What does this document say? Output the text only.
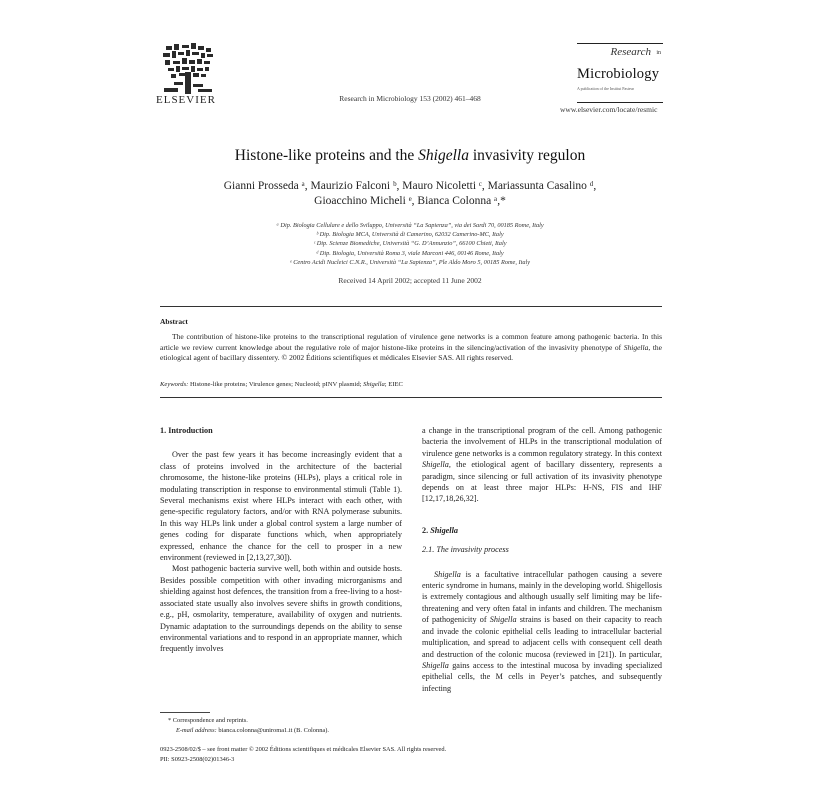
ELSEVIER	Research in Microbiology 153 (2002) 461–468
Research in
Microbiology
A publication of the Institut Pasteur
www.elsevier.com/locate/resmic
Histone-like proteins and the Shigella invasivity regulon
Gianni Prosseda ᵃ, Maurizio Falconi ᵇ, Mauro Nicoletti ᶜ, Mariassunta Casalino ᵈ,
Gioacchino Micheli ᵉ, Bianca Colonna ᵃ,*
ᵃ Dip. Biologia Cellulare e dello Sviluppo, Università “La Sapienza”, via dei Sardi 70, 00185 Rome, Italy
ᵇ Dip. Biologia MCA, Università di Camerino, 62032 Camerino-MC, Italy
ᶜ Dip. Scienze Biomediche, Università “G. D’Annunzio”, 66100 Chieti, Italy
ᵈ Dip. Biologia, Università Roma 3, viale Marconi 446, 00146 Rome, Italy
ᵉ Centro Acidi Nucleici C.N.R., Università “La Sapienza”, Ple Aldo Moro 5, 00185 Rome, Italy
Received 14 April 2002; accepted 11 June 2002
Abstract
The contribution of histone-like proteins to the transcriptional regulation of virulence gene networks is a common feature among pathogenic bacteria. In this article we review current knowledge about the regulative role of major histone-like proteins in the silencing/activation of the invasivity phenotype of Shigella, the etiological agent of bacillary dissentery. © 2002 Éditions scientifiques et médicales Elsevier SAS. All rights reserved.
Keywords: Histone-like proteins; Virulence genes; Nucleoid; pINV plasmid; Shigella; EIEC
1. Introduction

Over the past few years it has become increasingly evident that a class of proteins involved in the architecture of the bacterial chromosome, the histone-like proteins (HLPs), plays a critical role in modulating transcription in response to environmental stimuli (Table 1). Several mechanisms exist where HLPs interact with each other, with gene-specific regulatory factors, and/or with RNA polymerase subunits. In this way HLPs link under a global control system a large number of genes coding for disparate functions which, when appropriately expressed, enhance the chance for the cell to prosper in a new environment (reviewed in [2,13,27,30]).

Most pathogenic bacteria survive well, both within and outside hosts. Besides possible competition with other invading microrganisms and shielding against host defences, the transition from a free-living to a host-associated state usually also involves severe shifts in growth conditions, e.g., pH, osmolarity, temperature, availability of oxygen and nutrients. Dynamic adaptation to the surroundings depends on the ability to sense environmental variations and to respond in an appropriate manner, which frequently involves

a change in the transcriptional program of the cell. Among pathogenic bacteria the involvement of HLPs in the transcriptional modulation of virulence gene networks is a common regulatory strategy. In this context Shigella, the etiological agent of bacillary dissentery, represents a paradigm, since silencing or full activation of its invasivity phenotype depends on at least three major HLPs: H-NS, FIS and IHF [12,17,18,26,32].

2. Shigella
2.1. The invasivity process

Shigella is a facultative intracellular pathogen causing a severe enteric syndrome in humans, mainly in the developing world. Shigellosis is extremely contagious and although usually self limiting may be life-threatening and very often fatal in infants and children. The mechanism of pathogenicity of Shigella strains is based on their capacity to reach and invade the colonic epithelial cells leading to intracellular bacterial multiplication, and spread to adjacent cells with consequent cell death and destruction of the colonic mucosa (reviewed in [21]). In particular, Shigella gains access to the intestinal mucosa by invading specialized epithelial cells, the M cells in Peyer’s patches, and subsequently infecting

* Correspondence and reprints.
E-mail address: bianca.colonna@uniroma1.it (B. Colonna).
0923-2508/02/$ – see front matter © 2002 Éditions scientifiques et médicales Elsevier SAS. All rights reserved.
PII: S0923-2508(02)01346-3
